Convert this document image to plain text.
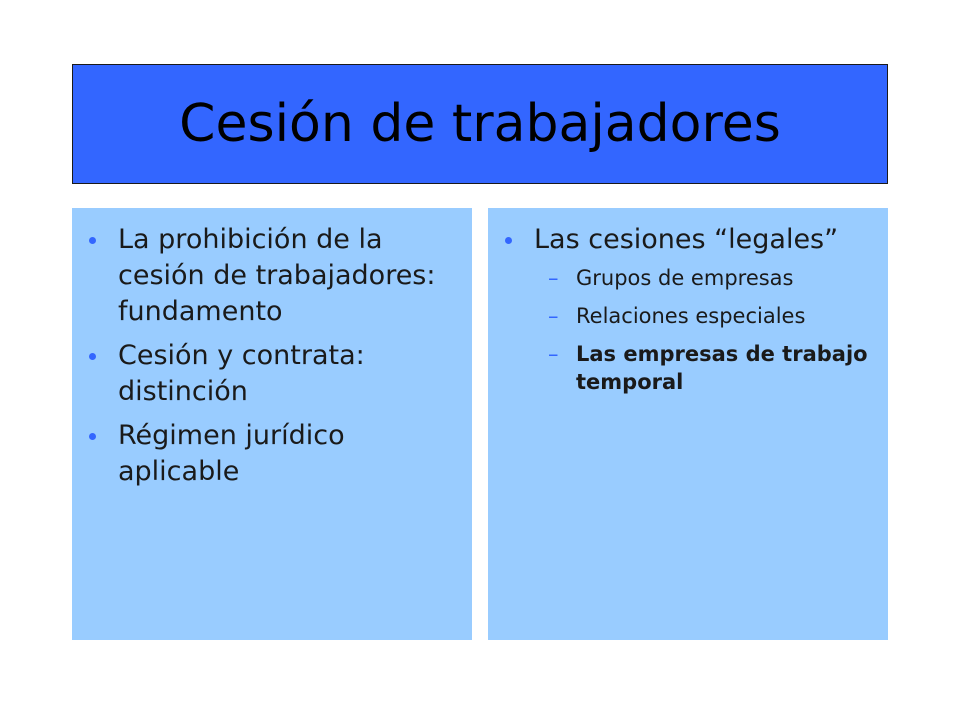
Cesión de trabajadores
La prohibición de la cesión de trabajadores: fundamento
Cesión y contrata: distinción
Régimen jurídico aplicable
Las cesiones “legales”
– Grupos de empresas
– Relaciones especiales
– Las empresas de trabajo temporal
